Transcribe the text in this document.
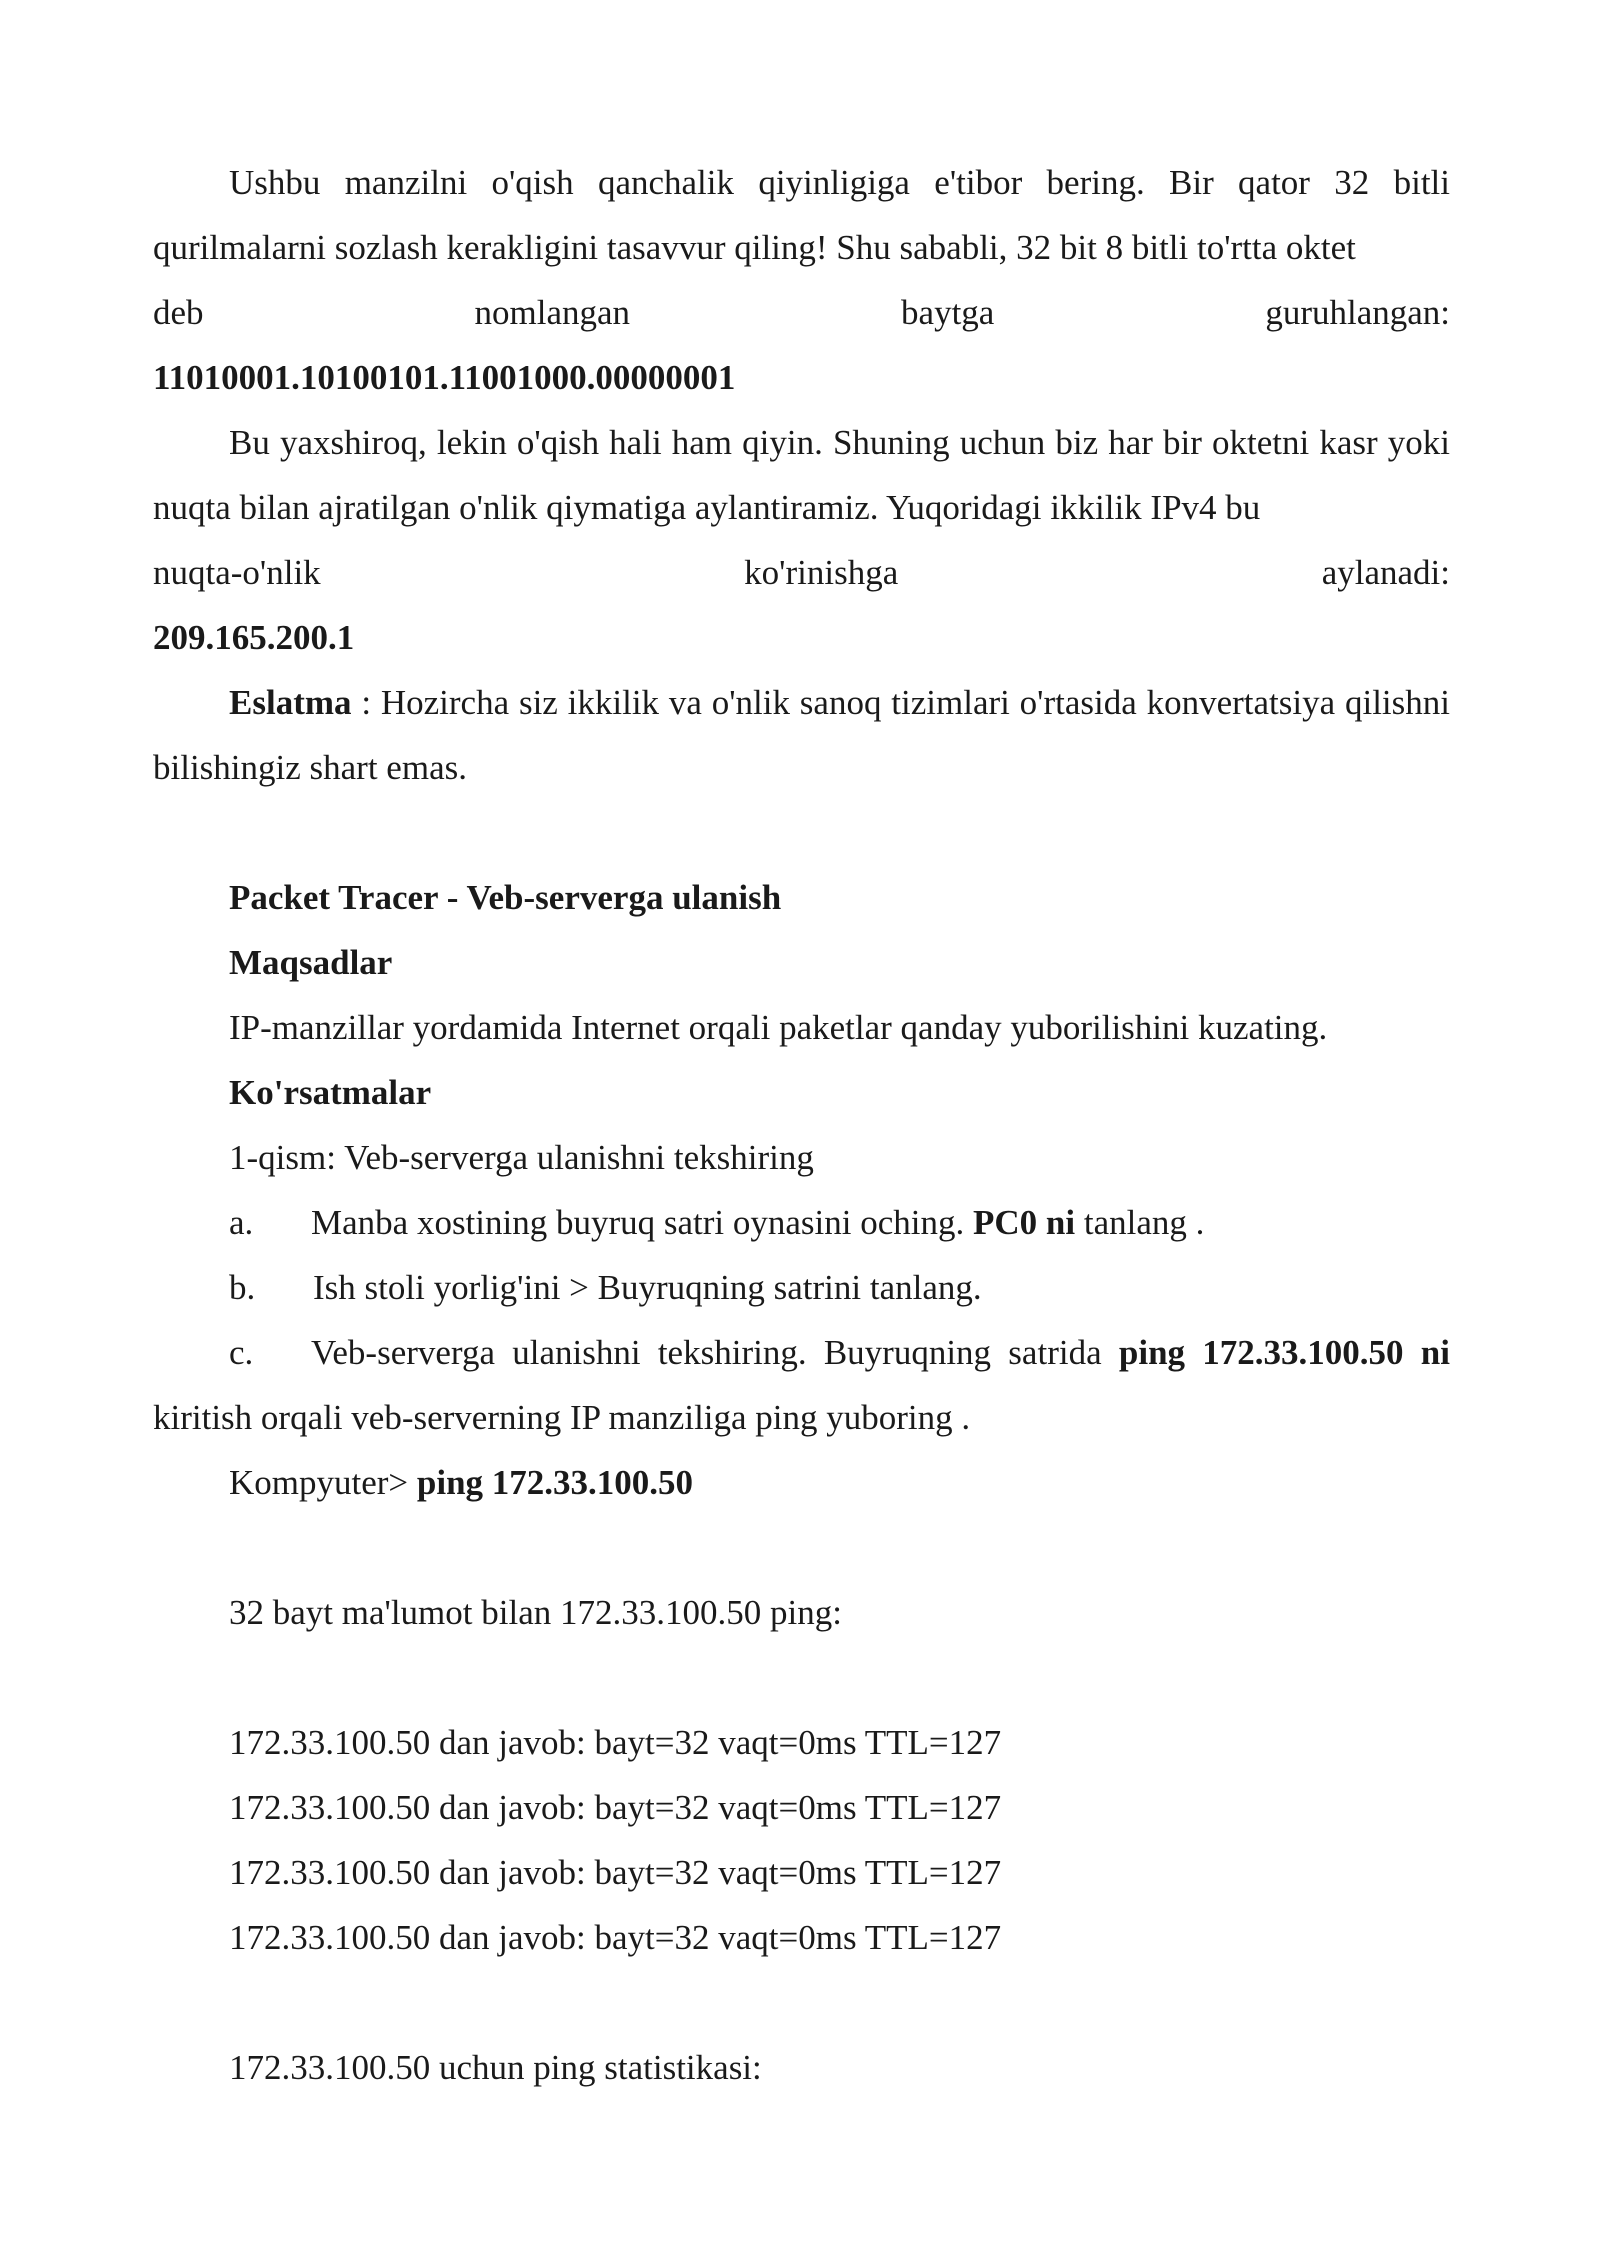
Ushbu manzilni o'qish qanchalik qiyinligiga e'tibor bering. Bir qator 32 bitli qurilmalarni sozlash kerakligini tasavvur qiling! Shu sababli, 32 bit 8 bitli to'rtta oktet

deb nomlangan baytga guruhlangan:

11010001.10100101.11001000.00000001

Bu yaxshiroq, lekin o'qish hali ham qiyin. Shuning uchun biz har bir oktetni kasr yoki nuqta bilan ajratilgan o'nlik qiymatiga aylantiramiz. Yuqoridagi ikkilik IPv4 bu

nuqta-o'nlik ko'rinishga aylanadi:

209.165.200.1

Eslatma : Hozircha siz ikkilik va o'nlik sanoq tizimlari o'rtasida konvertatsiya qilishni bilishingiz shart emas.

Packet Tracer - Veb-serverga ulanish

Maqsadlar

IP-manzillar yordamida Internet orqali paketlar qanday yuborilishini kuzating.

Ko'rsatmalar

1-qism: Veb-serverga ulanishni tekshiring

a. Manba xostining buyruq satri oynasini oching. PC0 ni tanlang .

b. Ish stoli yorlig'ini > Buyruqning satrini tanlang.

c. Veb-serverga ulanishni tekshiring. Buyruqning satrida ping 172.33.100.50 ni kiritish orqali veb-serverning IP manziliga ping yuboring .

Kompyuter> ping 172.33.100.50

32 bayt ma'lumot bilan 172.33.100.50 ping:

172.33.100.50 dan javob: bayt=32 vaqt=0ms TTL=127

172.33.100.50 dan javob: bayt=32 vaqt=0ms TTL=127

172.33.100.50 dan javob: bayt=32 vaqt=0ms TTL=127

172.33.100.50 dan javob: bayt=32 vaqt=0ms TTL=127

172.33.100.50 uchun ping statistikasi:
